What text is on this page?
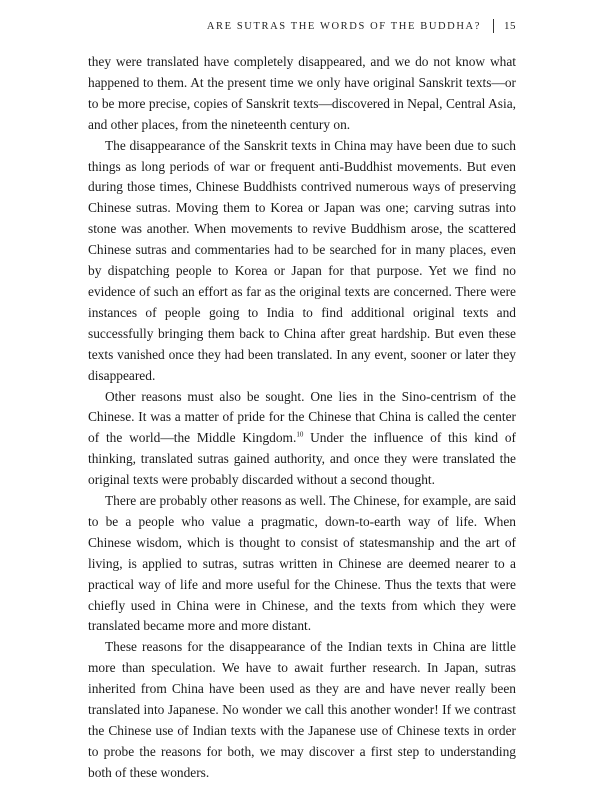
ARE SUTRAS THE WORDS OF THE BUDDHA? 15

they were translated have completely disappeared, and we do not know what happened to them. At the present time we only have original Sanskrit texts—or to be more precise, copies of Sanskrit texts—discovered in Nepal, Central Asia, and other places, from the nineteenth century on.

The disappearance of the Sanskrit texts in China may have been due to such things as long periods of war or frequent anti-Buddhist movements. But even during those times, Chinese Buddhists contrived numerous ways of preserving Chinese sutras. Moving them to Korea or Japan was one; carving sutras into stone was another. When movements to revive Buddhism arose, the scattered Chinese sutras and commentaries had to be searched for in many places, even by dispatching people to Korea or Japan for that purpose. Yet we find no evidence of such an effort as far as the original texts are concerned. There were instances of people going to India to find additional original texts and successfully bringing them back to China after great hardship. But even these texts vanished once they had been translated. In any event, sooner or later they disappeared.

Other reasons must also be sought. One lies in the Sino-centrism of the Chinese. It was a matter of pride for the Chinese that China is called the center of the world—the Middle Kingdom.$^{10}$ Under the influence of this kind of thinking, translated sutras gained authority, and once they were translated the original texts were probably discarded without a second thought.

There are probably other reasons as well. The Chinese, for example, are said to be a people who value a pragmatic, down-to-earth way of life. When Chinese wisdom, which is thought to consist of statesmanship and the art of living, is applied to sutras, sutras written in Chinese are deemed nearer to a practical way of life and more useful for the Chinese. Thus the texts that were chiefly used in China were in Chinese, and the texts from which they were translated became more and more distant.

These reasons for the disappearance of the Indian texts in China are little more than speculation. We have to await further research. In Japan, sutras inherited from China have been used as they are and have never really been translated into Japanese. No wonder we call this another wonder! If we contrast the Chinese use of Indian texts with the Japanese use of Chinese texts in order to probe the reasons for both, we may discover a first step to understanding both of these wonders.
